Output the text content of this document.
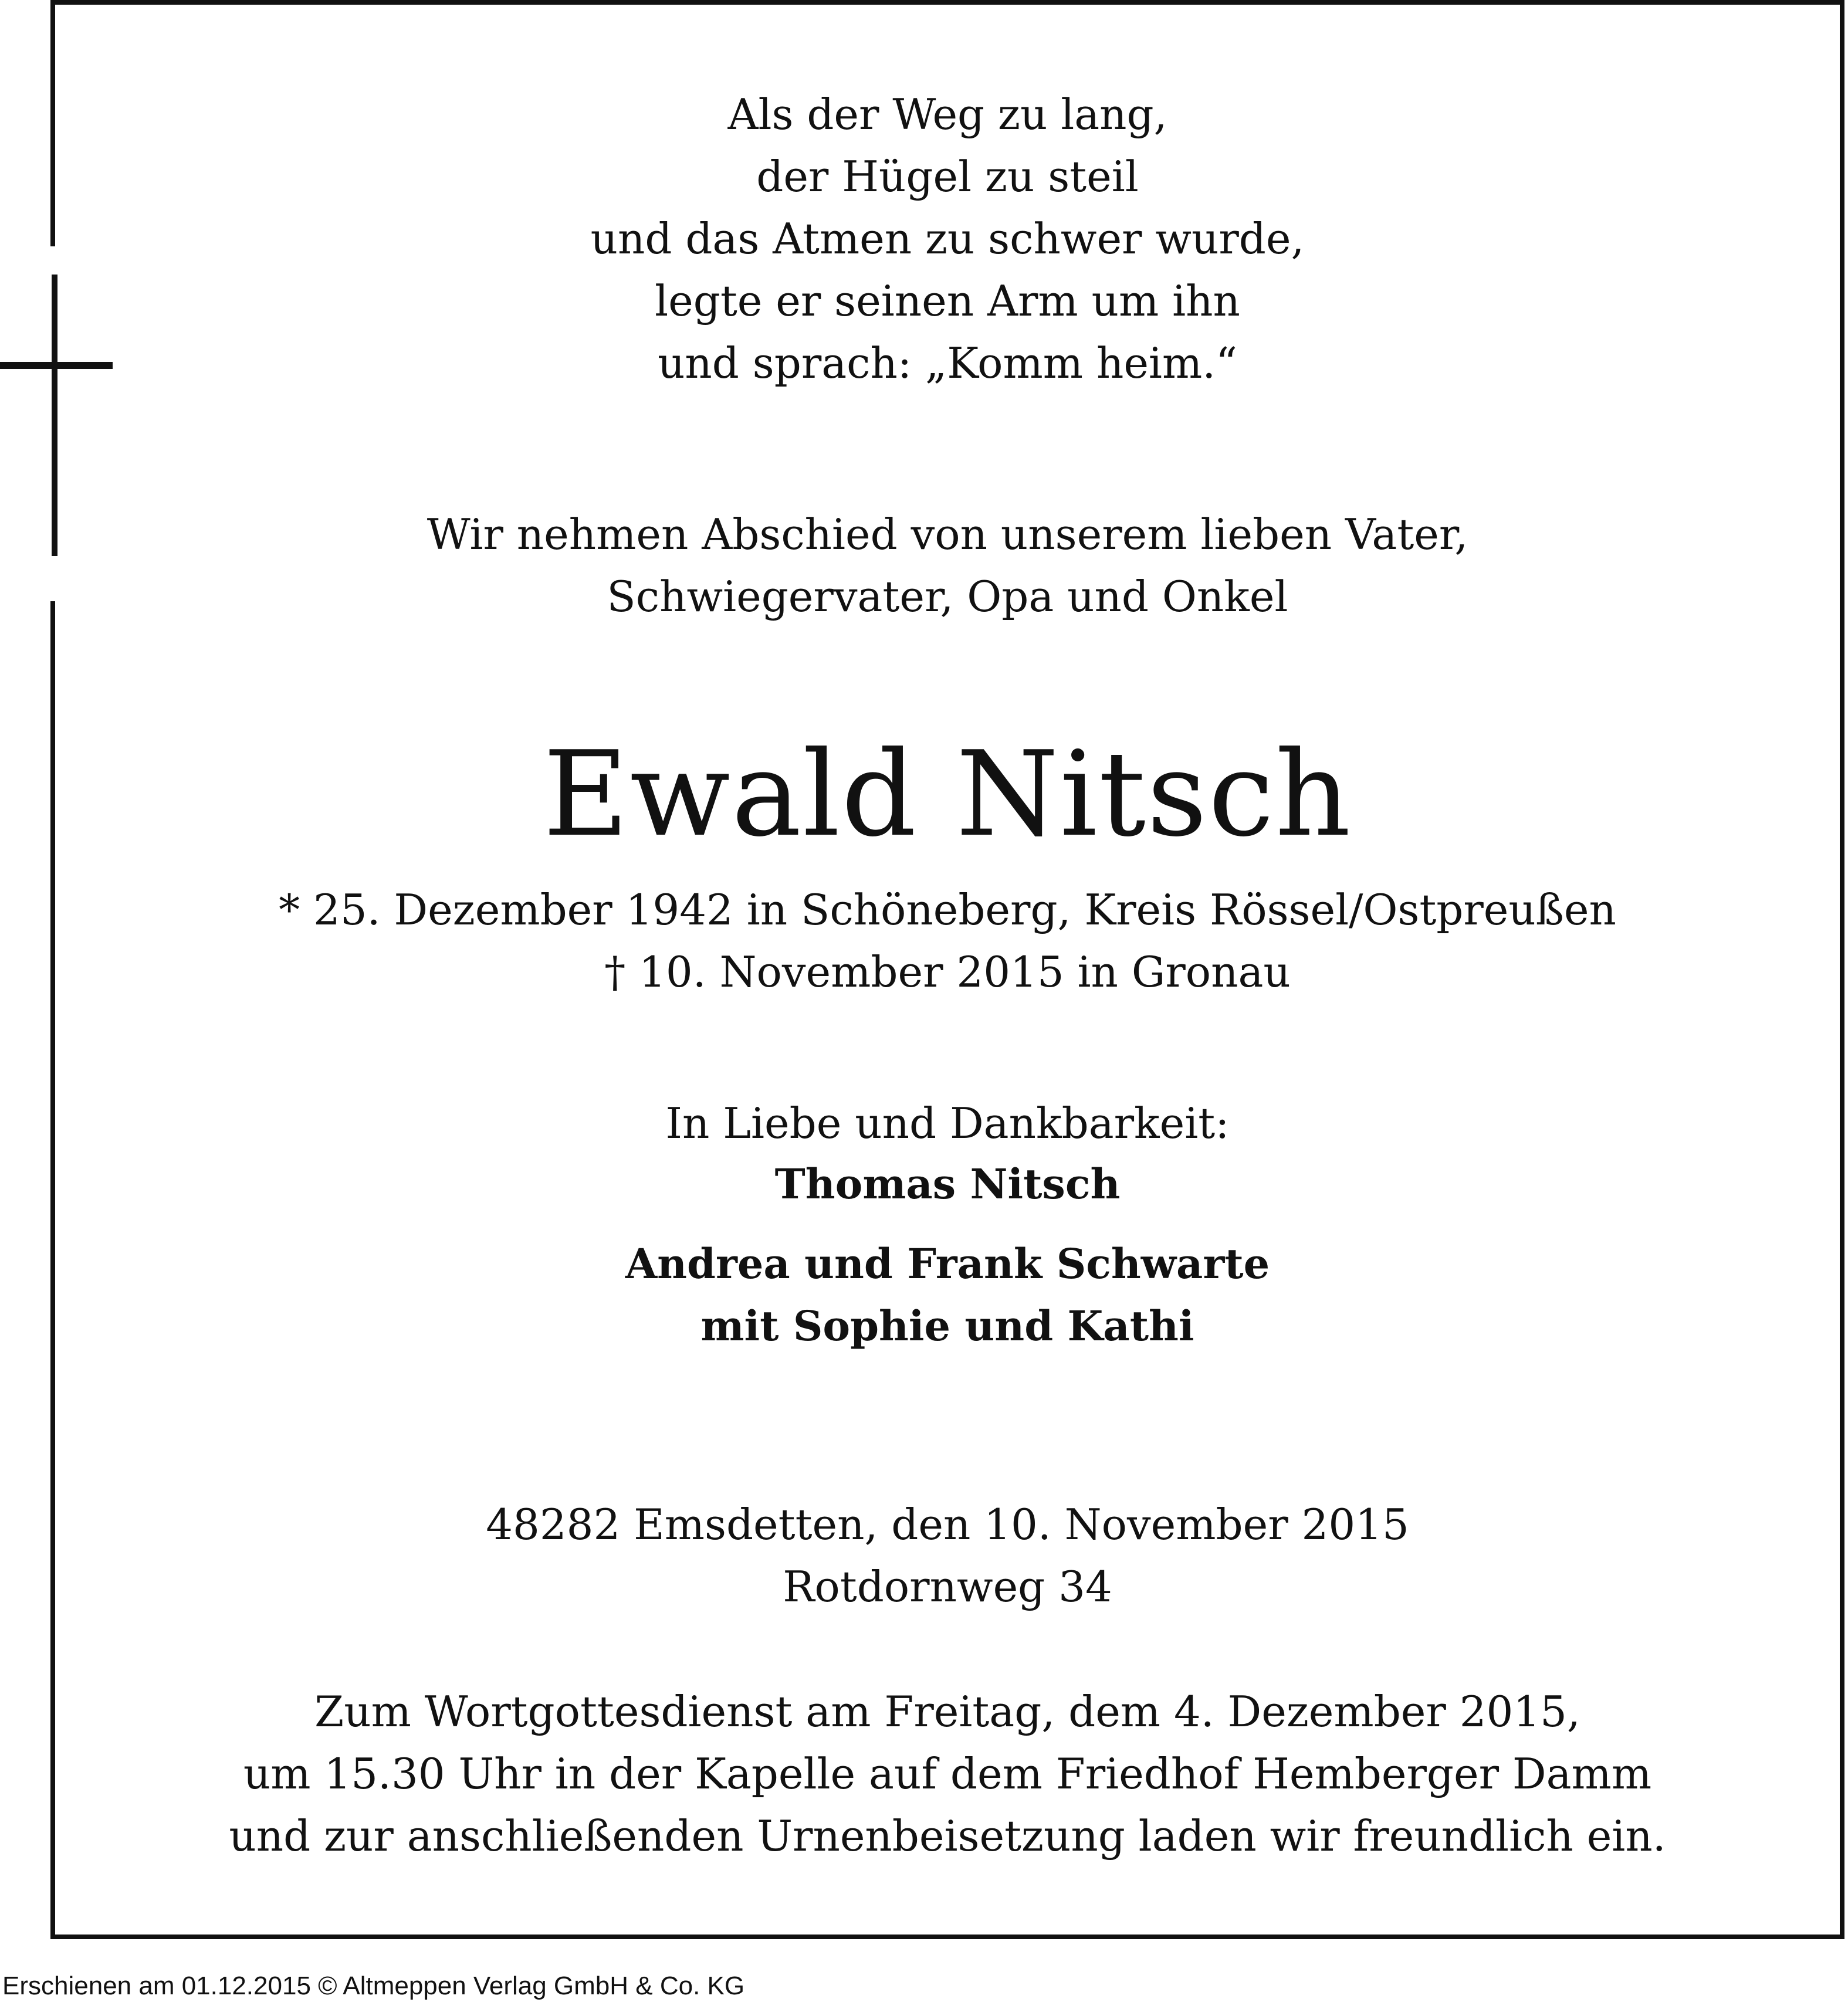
Als der Weg zu lang,
der Hügel zu steil
und das Atmen zu schwer wurde,
legte er seinen Arm um ihn
und sprach: „Komm heim.“
Wir nehmen Abschied von unserem lieben Vater,
Schwiegervater, Opa und Onkel
Ewald Nitsch
* 25. Dezember 1942 in Schöneberg, Kreis Rössel/Ostpreußen
† 10. November 2015 in Gronau
In Liebe und Dankbarkeit:
Thomas Nitsch
Andrea und Frank Schwarte
mit Sophie und Kathi
48282 Emsdetten, den 10. November 2015
Rotdornweg 34
Zum Wortgottesdienst am Freitag, dem 4. Dezember 2015,
um 15.30 Uhr in der Kapelle auf dem Friedhof Hemberger Damm
und zur anschließenden Urnenbeisetzung laden wir freundlich ein.
Erschienen am 01.12.2015 © Altmeppen Verlag GmbH & Co. KG
